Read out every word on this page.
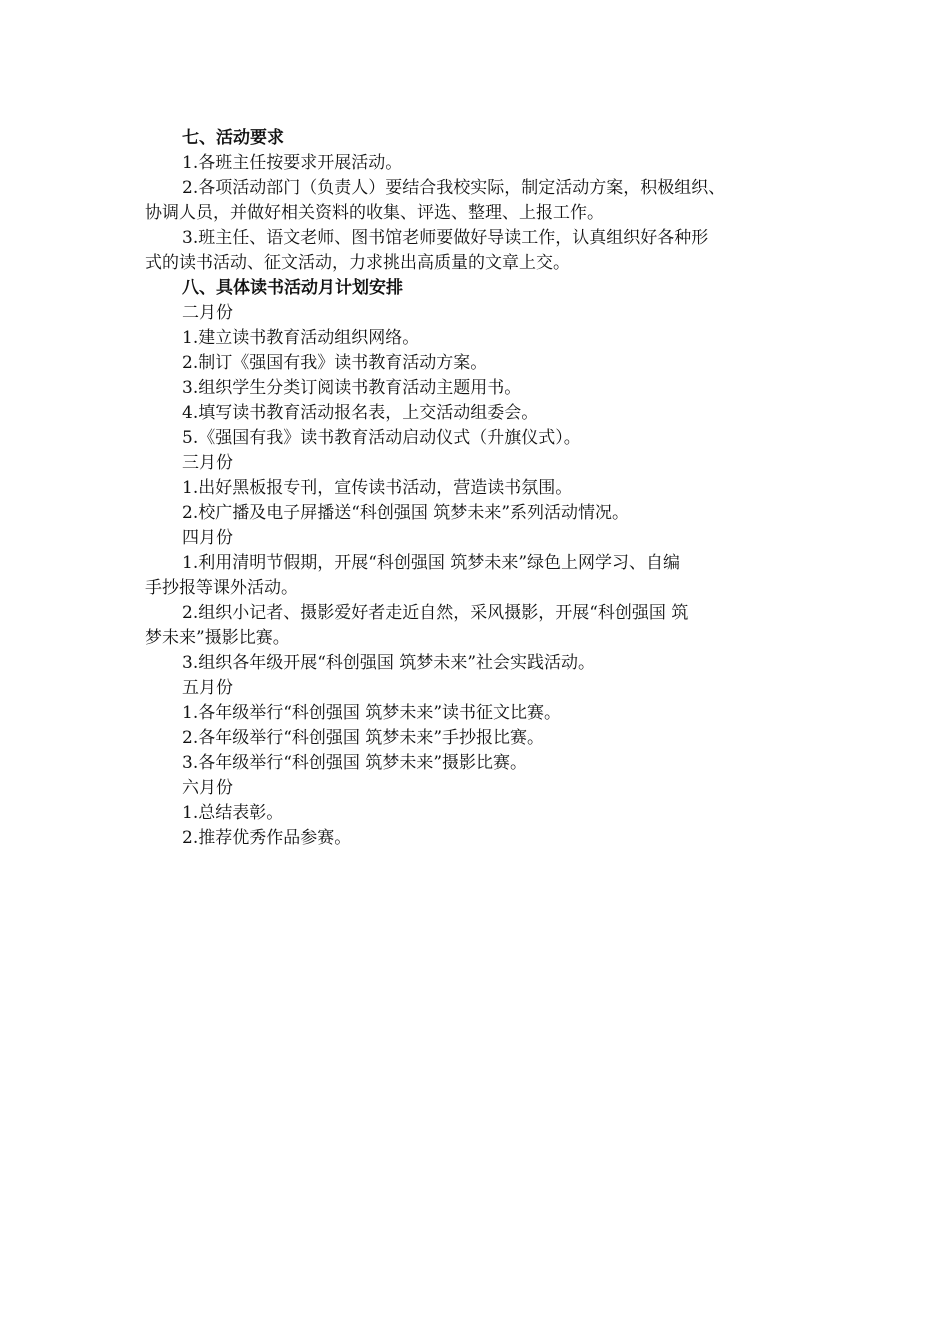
七、活动要求

1.各班主任按要求开展活动。

2.各项活动部门（负责人）要结合我校实际，制定活动方案，积极组织、

协调人员，并做好相关资料的收集、评选、整理、上报工作。

3.班主任、语文老师、图书馆老师要做好导读工作，认真组织好各种形

式的读书活动、征文活动，力求挑出高质量的文章上交。

八、具体读书活动月计划安排

二月份

1.建立读书教育活动组织网络。

2.制订《强国有我》读书教育活动方案。

3.组织学生分类订阅读书教育活动主题用书。

4.填写读书教育活动报名表，上交活动组委会。

5.《强国有我》读书教育活动启动仪式（升旗仪式）。

三月份

1.出好黑板报专刊，宣传读书活动，营造读书氛围。

2.校广播及电子屏播送“科创强国 筑梦未来”系列活动情况。

四月份

1.利用清明节假期，开展“科创强国 筑梦未来”绿色上网学习、自编

手抄报等课外活动。

2.组织小记者、摄影爱好者走近自然，采风摄影，开展“科创强国 筑

梦未来”摄影比赛。

3.组织各年级开展“科创强国 筑梦未来”社会实践活动。

五月份

1.各年级举行“科创强国 筑梦未来”读书征文比赛。

2.各年级举行“科创强国 筑梦未来”手抄报比赛。

3.各年级举行“科创强国 筑梦未来”摄影比赛。

六月份

1.总结表彰。

2.推荐优秀作品参赛。
